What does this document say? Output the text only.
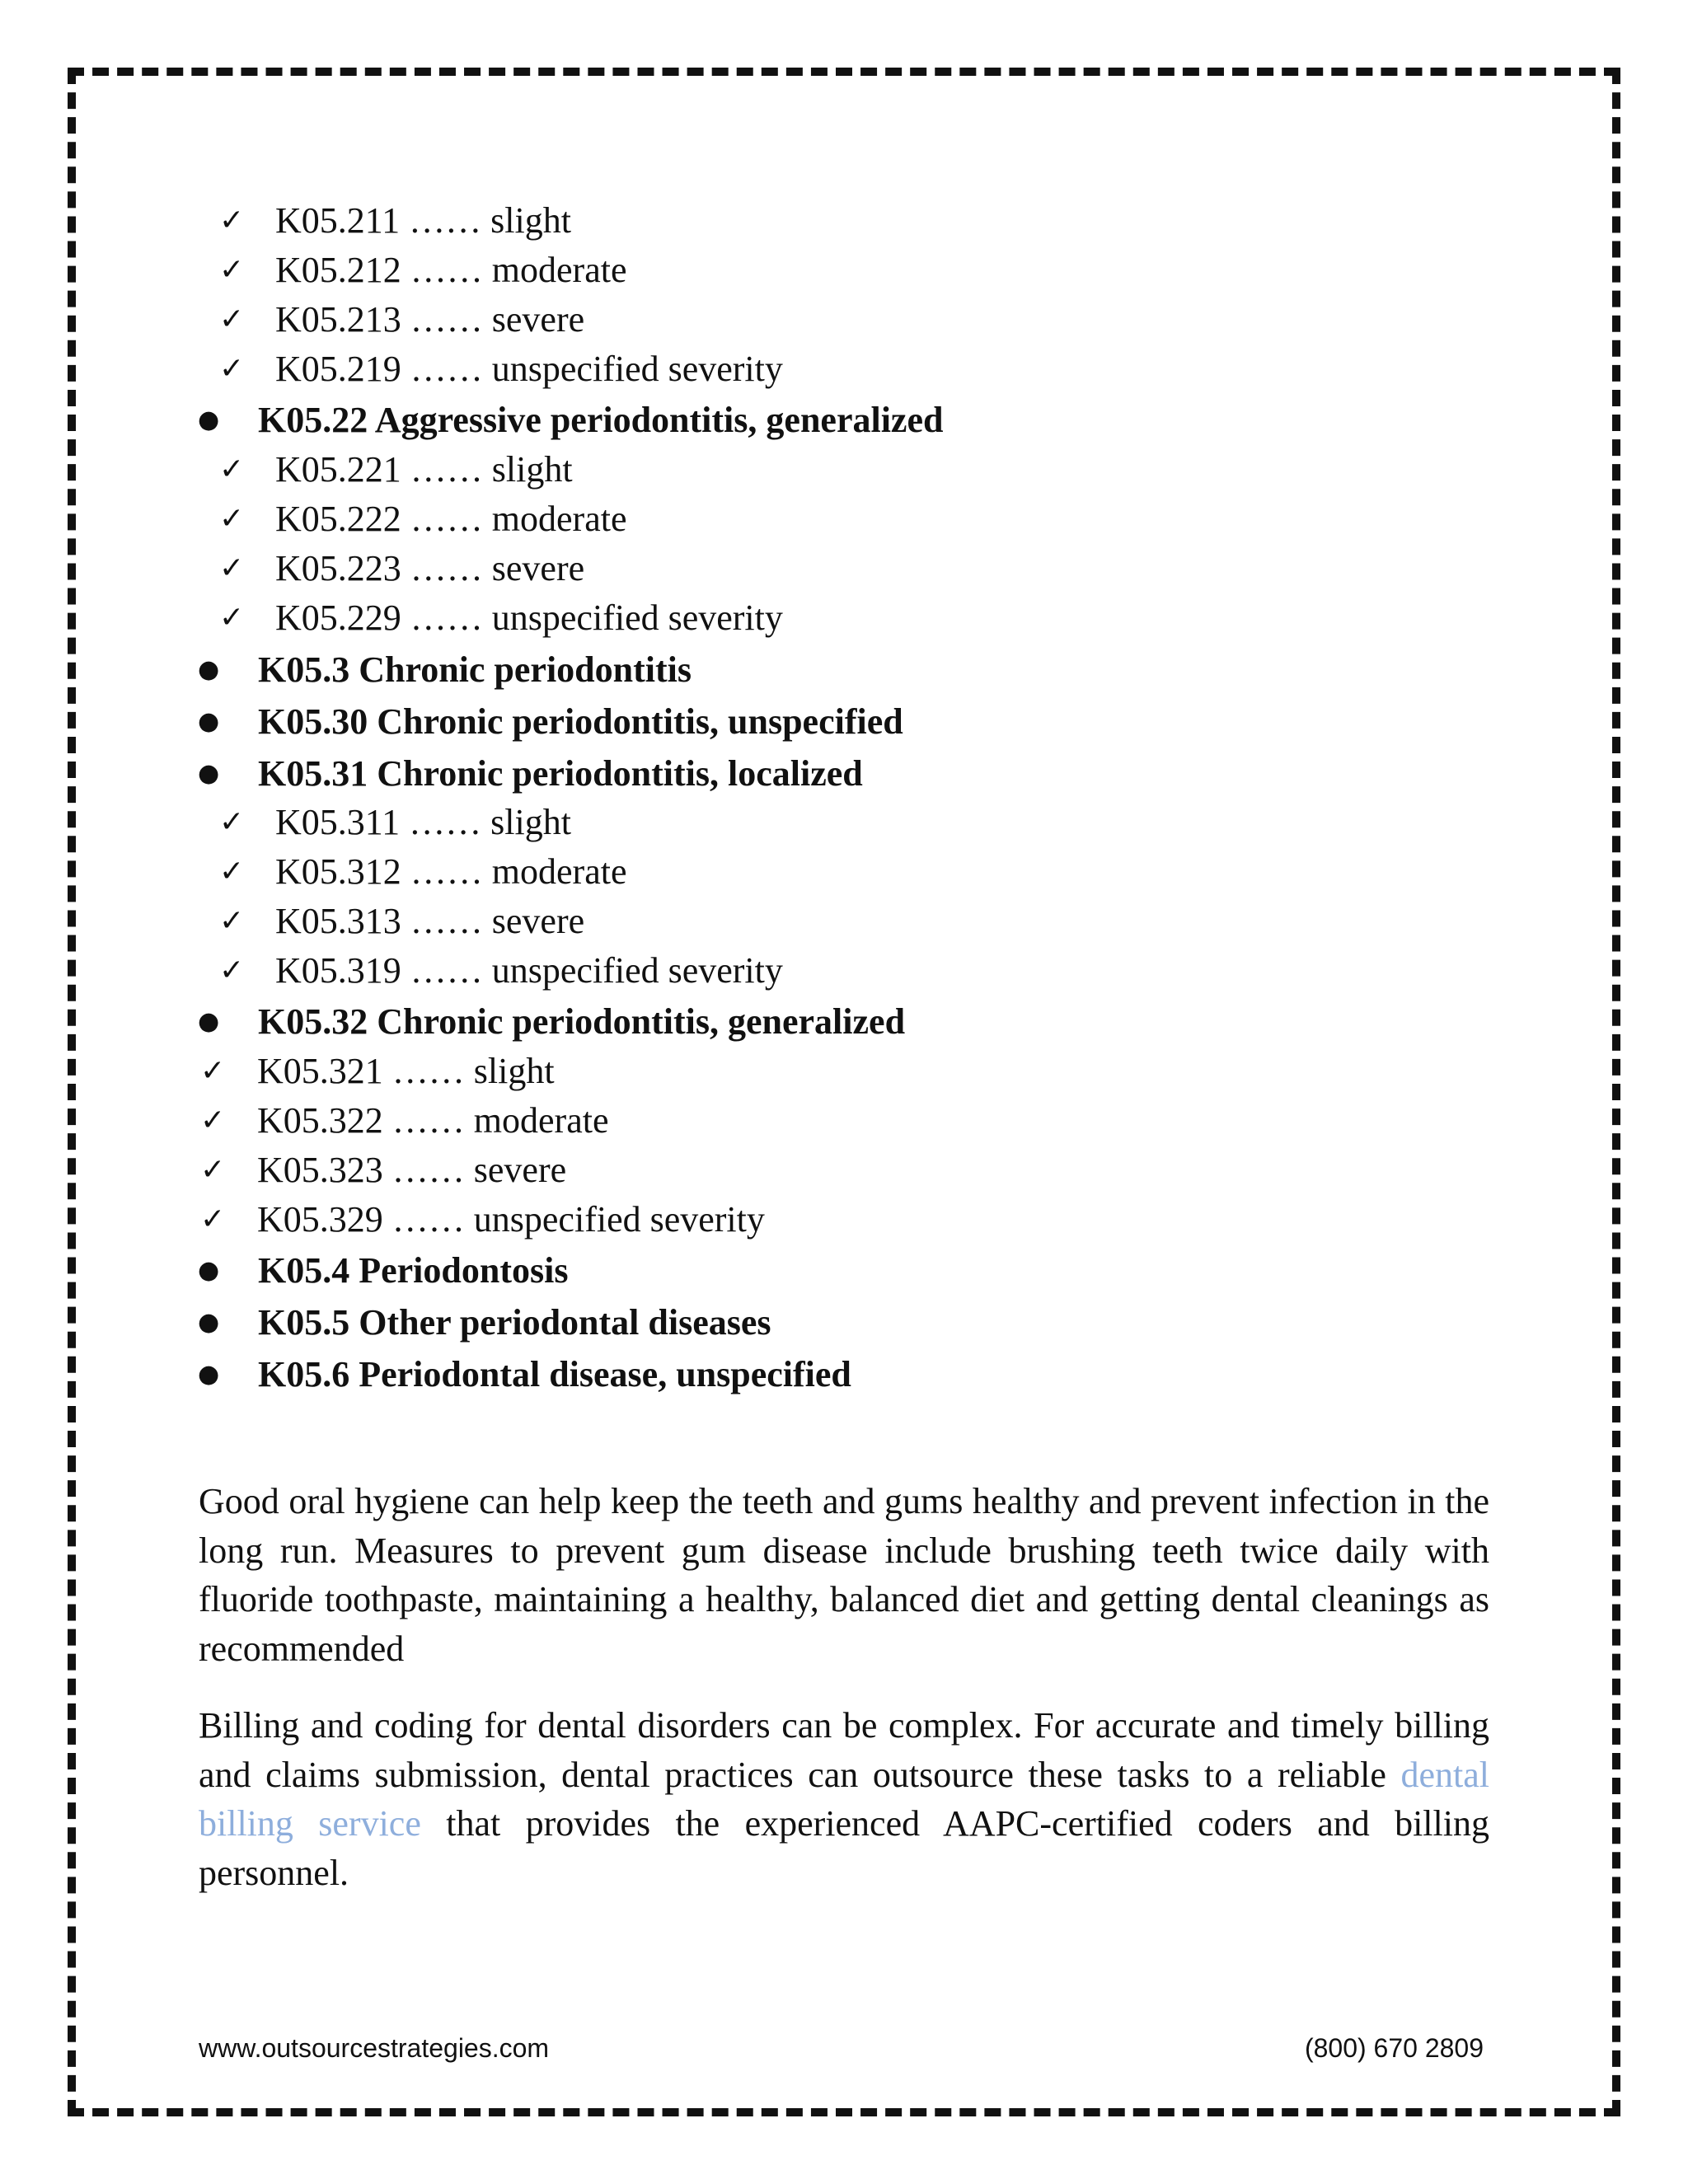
✓ K05.211 …… slight
✓ K05.212 …… moderate
✓ K05.213 …… severe
✓ K05.219 …… unspecified severity
● K05.22 Aggressive periodontitis, generalized
✓ K05.221 …… slight
✓ K05.222 …… moderate
✓ K05.223 …… severe
✓ K05.229 …… unspecified severity
● K05.3 Chronic periodontitis
● K05.30 Chronic periodontitis, unspecified
● K05.31 Chronic periodontitis, localized
✓ K05.311 …… slight
✓ K05.312 …… moderate
✓ K05.313 …… severe
✓ K05.319 …… unspecified severity
● K05.32 Chronic periodontitis, generalized
✓ K05.321 …… slight
✓ K05.322 …… moderate
✓ K05.323 …… severe
✓ K05.329 …… unspecified severity
● K05.4 Periodontosis
● K05.5 Other periodontal diseases
● K05.6 Periodontal disease, unspecified

Good oral hygiene can help keep the teeth and gums healthy and prevent infection in the long run. Measures to prevent gum disease include brushing teeth twice daily with fluoride toothpaste, maintaining a healthy, balanced diet and getting dental cleanings as recommended

Billing and coding for dental disorders can be complex. For accurate and timely billing and claims submission, dental practices can outsource these tasks to a reliable dental billing service that provides the experienced AAPC-certified coders and billing personnel.

www.outsourcestrategies.com	(800) 670 2809
